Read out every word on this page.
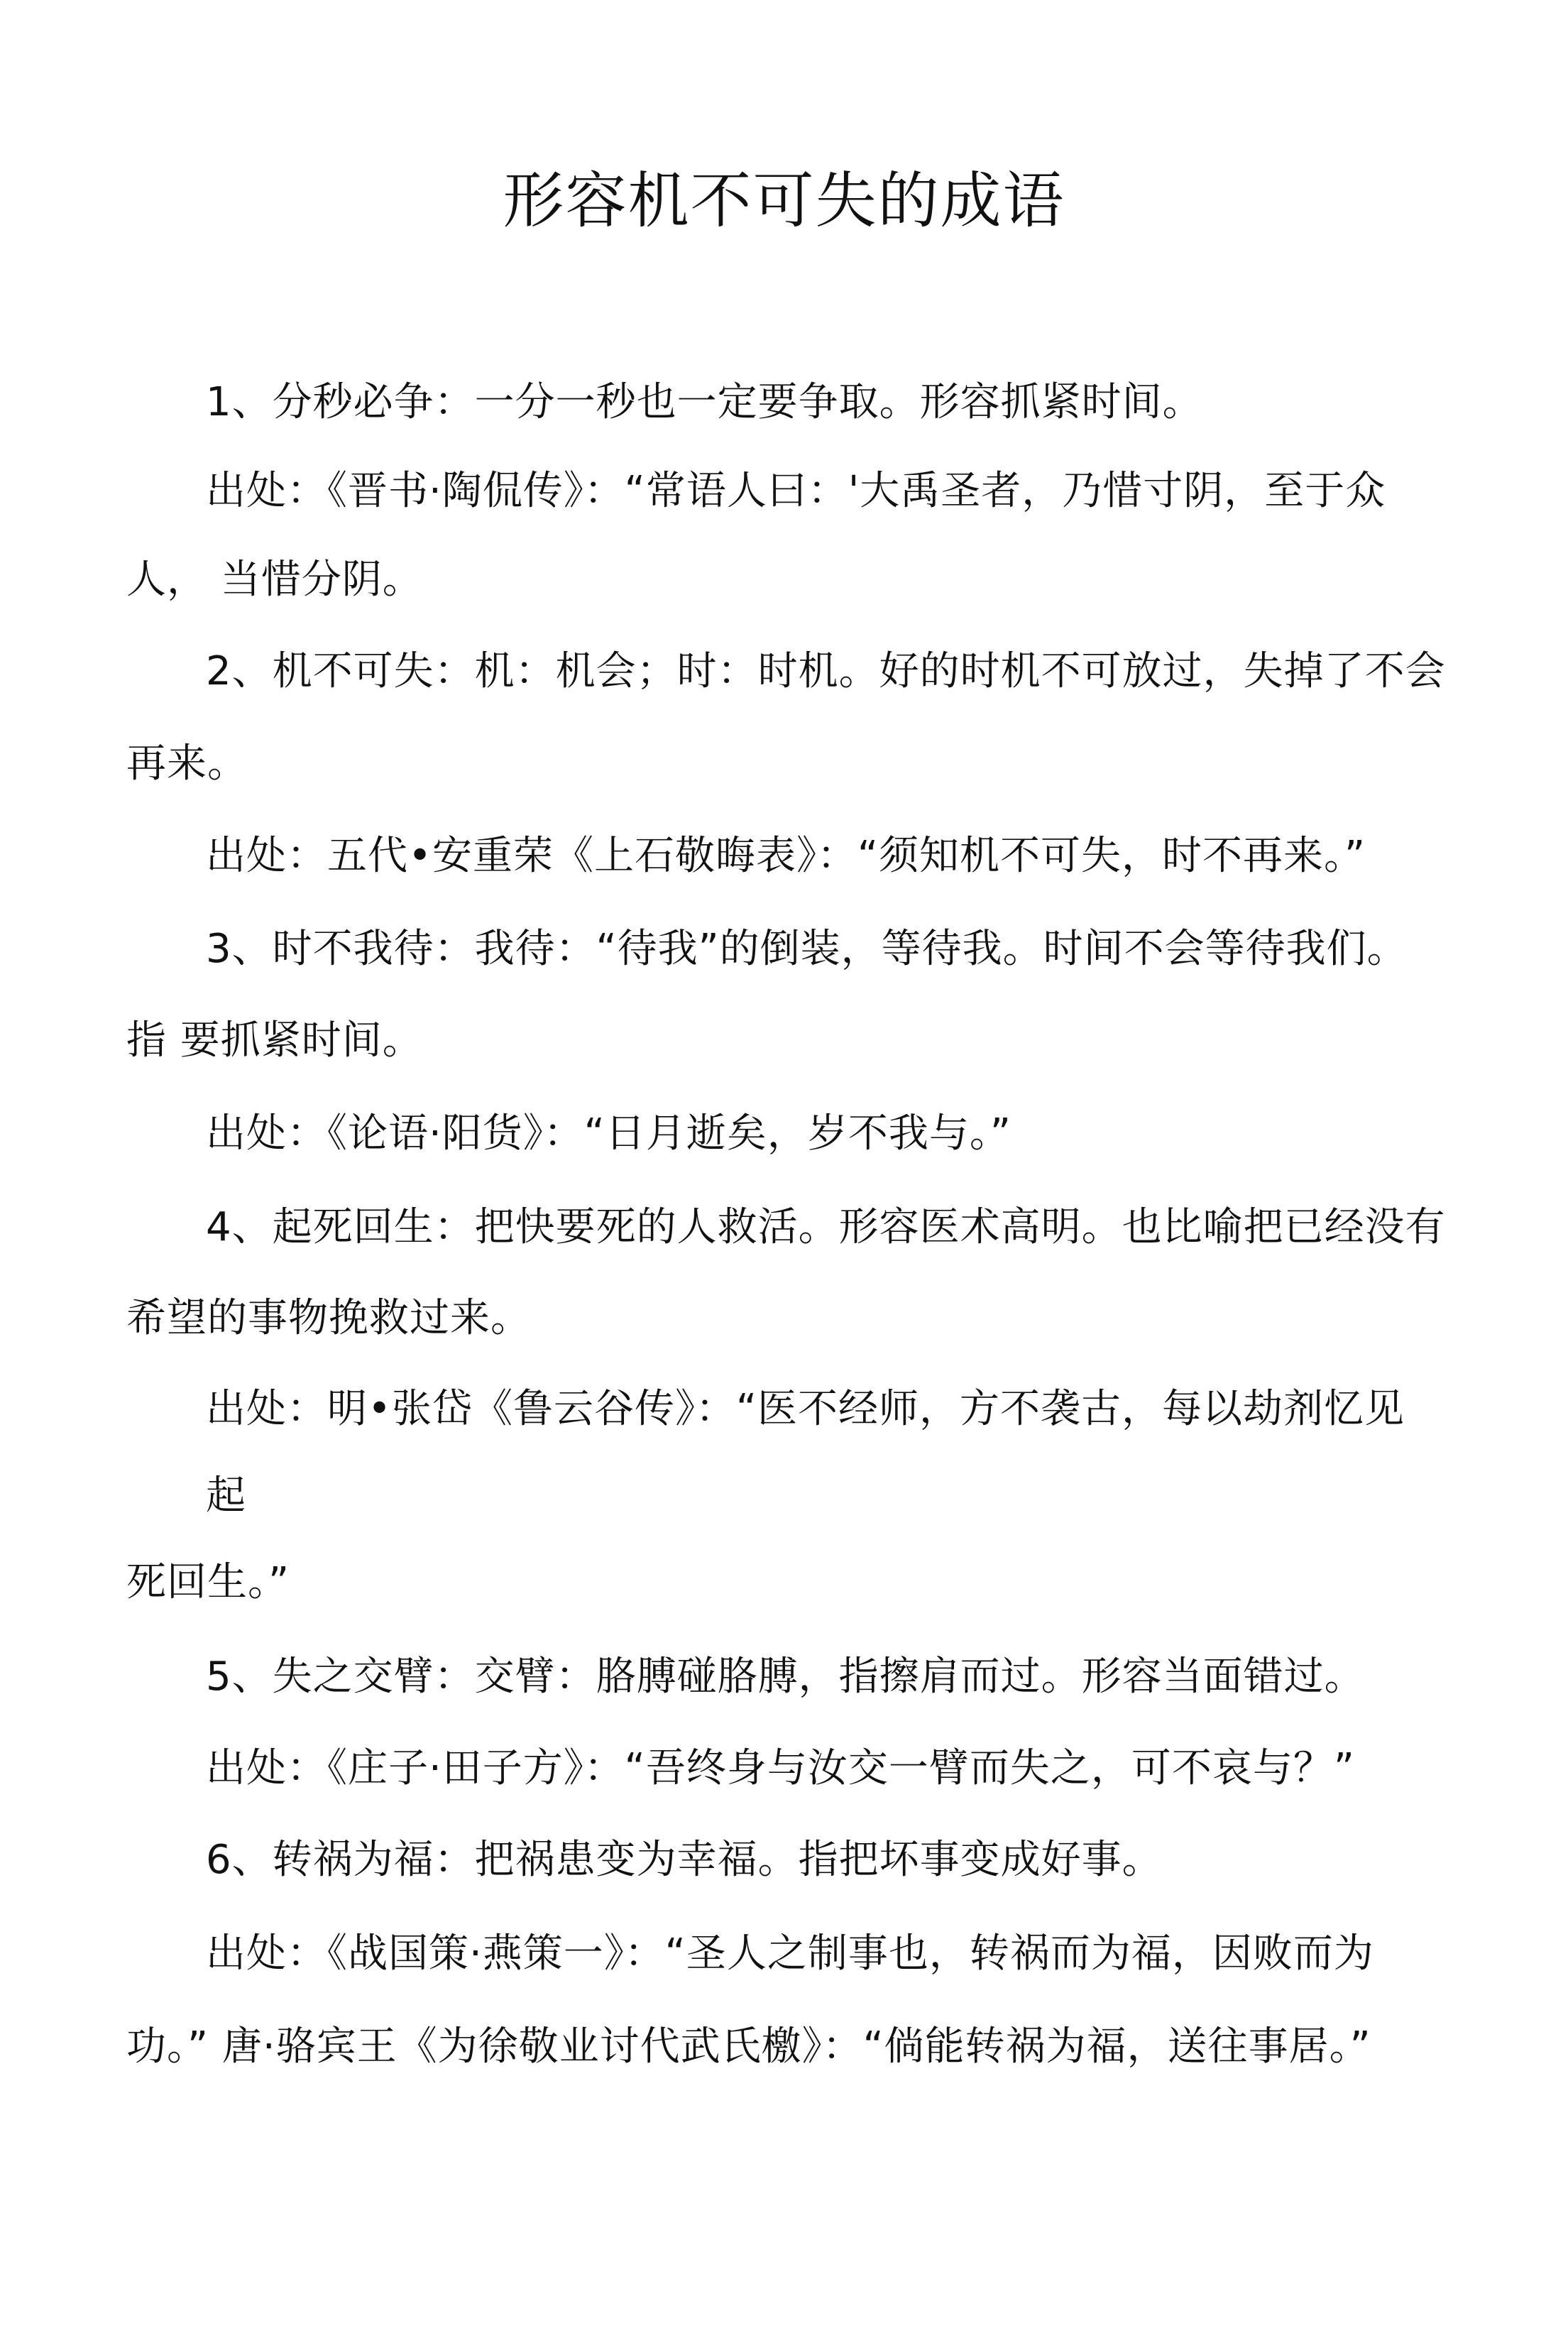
形容机不可失的成语
1、分秒必争：一分一秒也一定要争取。形容抓紧时间。
出处：《晋书·陶侃传》：“常语人曰：'大禹圣者，乃惜寸阴，至于众
人， 当惜分阴。
2、机不可失：机：机会；时：时机。好的时机不可放过，失掉了不会
再来。
出处：五代•安重荣《上石敬晦表》：“须知机不可失，时不再来。”
3、时不我待：我待：“待我”的倒装，等待我。时间不会等待我们。
指 要抓紧时间。
出处：《论语·阳货》：“日月逝矣，岁不我与。”
4、起死回生：把快要死的人救活。形容医术高明。也比喻把已经没有
希望的事物挽救过来。
出处：明•张岱《鲁云谷传》：“医不经师，方不袭古，每以劫剂忆见
起
死回生。”
5、失之交臂：交臂：胳膊碰胳膊，指擦肩而过。形容当面错过。
出处：《庄子·田子方》：“吾终身与汝交一臂而失之，可不哀与？”
6、转祸为福：把祸患变为幸福。指把坏事变成好事。
出处：《战国策·燕策一》：“圣人之制事也，转祸而为福，因败而为
功。” 唐·骆宾王《为徐敬业讨代武氏檄》：“倘能转祸为福，送往事居。”
